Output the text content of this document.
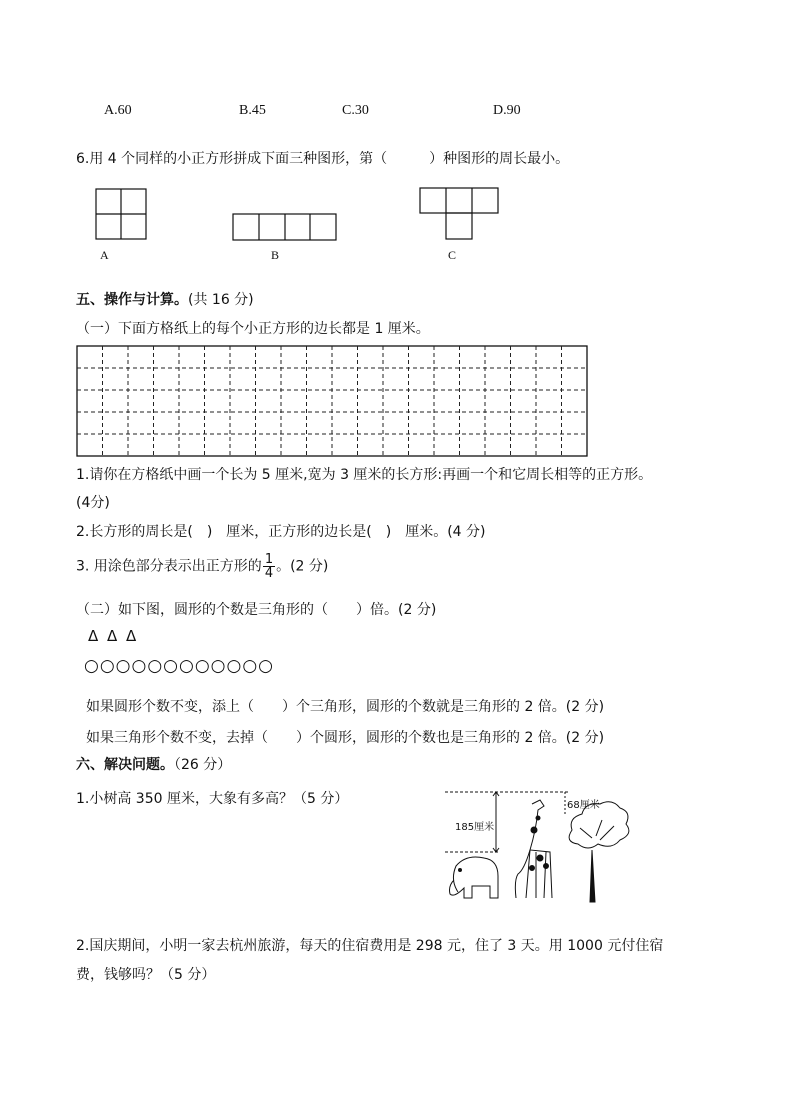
A.60	B.45	C.30	D.90
6.用 4 个同样的小正方形拼成下面三种图形，第（　　　）种图形的周长最小。
A	B	C
五、操作与计算。(共 16 分)
（一）下面方格纸上的每个小正方形的边长都是 1 厘米。
1.请你在方格纸中画一个长为 5 厘米,宽为 3 厘米的长方形:再画一个和它周长相等的正方形。
(4分)
2.长方形的周长是(　)　厘米，正方形的边长是(　)　厘米。(4 分)
3. 用涂色部分表示出正方形的 $\frac{1}{4}$ 。(2 分)
（二）如下图，圆形的个数是三角形的（　　）倍。(2 分)
Δ Δ Δ
○○○○○○○○○○○○
如果圆形个数不变，添上（　　）个三角形，圆形的个数就是三角形的 2 倍。(2 分)
如果三角形个数不变，去掉（　　）个圆形，圆形的个数也是三角形的 2 倍。(2 分)
六、解决问题。（26 分）
1.小树高 350 厘米，大象有多高？（5 分）
185厘米
68厘米
2.国庆期间，小明一家去杭州旅游，每天的住宿费用是 298 元，住了 3 天。用 1000 元付住宿
费，钱够吗？（5 分）
